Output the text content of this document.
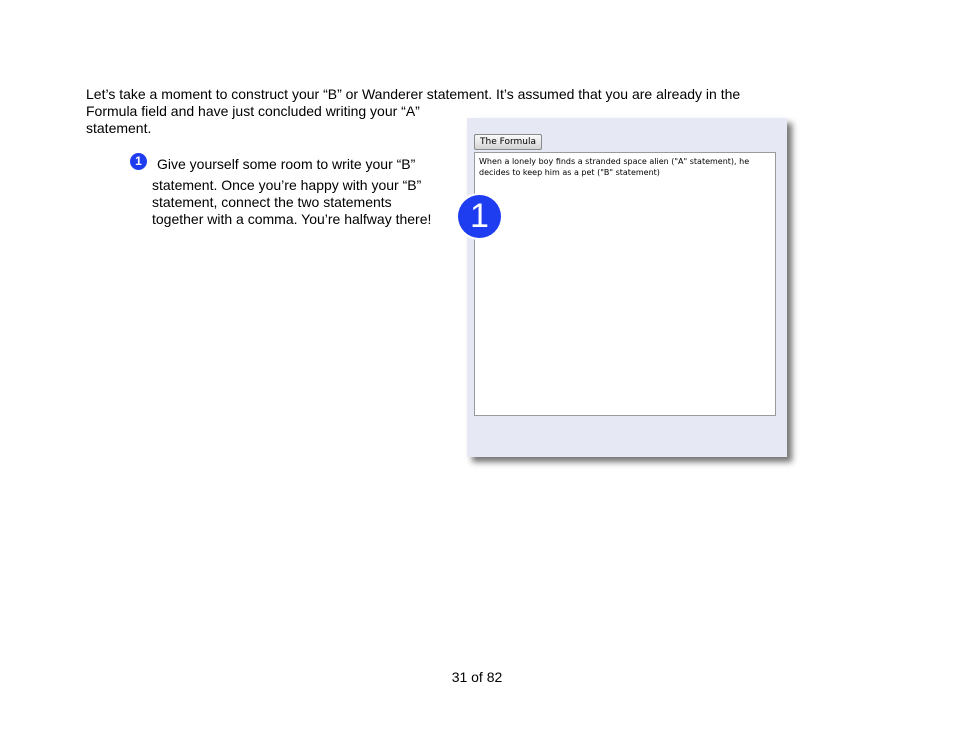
Let’s take a moment to construct your “B” or Wanderer statement. It’s assumed that you are already in the
Formula field and have just concluded writing your “A”
statement.
1	Give yourself some room to write your “B”
statement. Once you’re happy with your “B”
statement, connect the two statements
together with a comma. You’re halfway there!
The Formula
When a lonely boy finds a stranded space alien ("A" statement), he
decides to keep him as a pet ("B" statement)
1
31 of 82
